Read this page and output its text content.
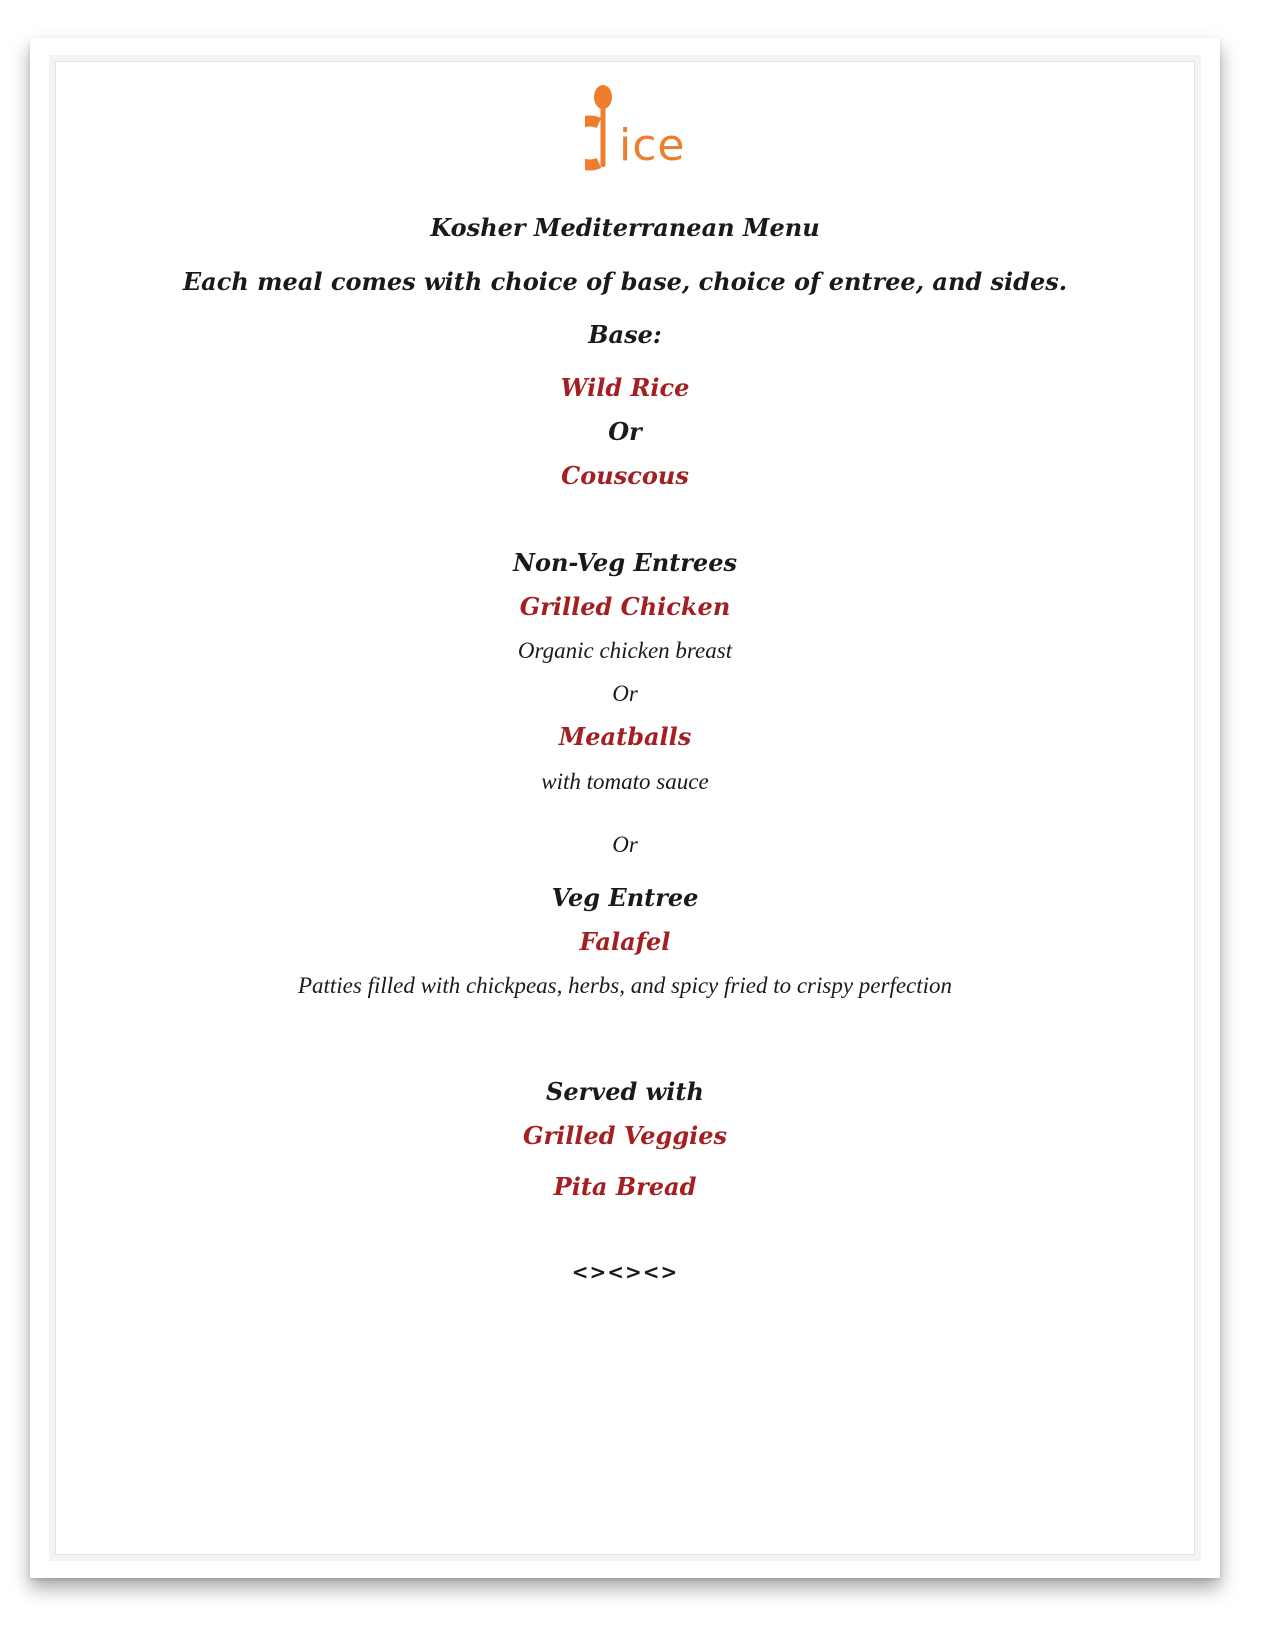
ice
Kosher Mediterranean Menu
Each meal comes with choice of base, choice of entree, and sides.
Base:
Wild Rice
Or
Couscous
Non-Veg Entrees
Grilled Chicken
Organic chicken breast
Or
Meatballs
with tomato sauce
Or
Veg Entree
Falafel
Patties filled with chickpeas, herbs, and spicy fried to crispy perfection
Served with
Grilled Veggies
Pita Bread
<><><>
